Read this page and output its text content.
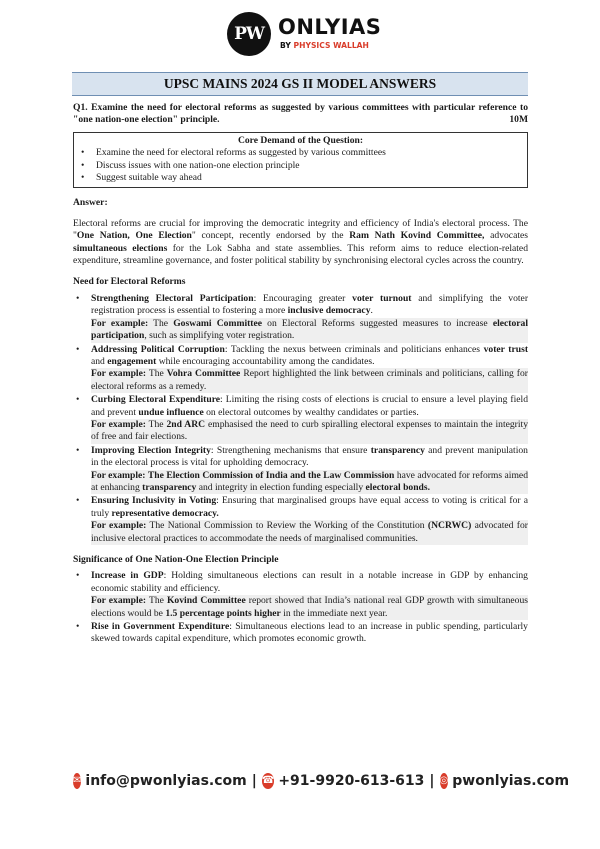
PW ONLYIAS
BY PHYSICS WALLAH
UPSC MAINS 2024 GS II MODEL ANSWERS
Q1. Examine the need for electoral reforms as suggested by various committees with particular reference to "one nation-one election" principle.	10M
Core Demand of the Question:
• Examine the need for electoral reforms as suggested by various committees
• Discuss issues with one nation-one election principle
• Suggest suitable way ahead
Answer:

Electoral reforms are crucial for improving the democratic integrity and efficiency of India's electoral process. The "One Nation, One Election" concept, recently endorsed by the Ram Nath Kovind Committee, advocates simultaneous elections for the Lok Sabha and state assemblies. This reform aims to reduce election-related expenditure, streamline governance, and foster political stability by synchronising electoral cycles across the country.

Need for Electoral Reforms
• Strengthening Electoral Participation: Encouraging greater voter turnout and simplifying the voter registration process is essential to fostering a more inclusive democracy.
For example: The Goswami Committee on Electoral Reforms suggested measures to increase electoral participation, such as simplifying voter registration.
• Addressing Political Corruption: Tackling the nexus between criminals and politicians enhances voter trust and engagement while encouraging accountability among the candidates.
For example: The Vohra Committee Report highlighted the link between criminals and politicians, calling for electoral reforms as a remedy.
• Curbing Electoral Expenditure: Limiting the rising costs of elections is crucial to ensure a level playing field and prevent undue influence on electoral outcomes by wealthy candidates or parties.
For example: The 2nd ARC emphasised the need to curb spiralling electoral expenses to maintain the integrity of free and fair elections.
• Improving Election Integrity: Strengthening mechanisms that ensure transparency and prevent manipulation in the electoral process is vital for upholding democracy.
For example: The Election Commission of India and the Law Commission have advocated for reforms aimed at enhancing transparency and integrity in election funding especially electoral bonds.
• Ensuring Inclusivity in Voting: Ensuring that marginalised groups have equal access to voting is critical for a truly representative democracy.
For example: The National Commission to Review the Working of the Constitution (NCRWC) advocated for inclusive electoral practices to accommodate the needs of marginalised communities.
Significance of One Nation-One Election Principle
• Increase in GDP: Holding simultaneous elections can result in a notable increase in GDP by enhancing economic stability and efficiency.
For example: The Kovind Committee report showed that India’s national real GDP growth with simultaneous elections would be 1.5 percentage points higher in the immediate next year.
• Rise in Government Expenditure: Simultaneous elections lead to an increase in public spending, particularly skewed towards capital expenditure, which promotes economic growth.
✉ info@pwonlyias.com | ☎ +91-9920-613-613 | ◎ pwonlyias.com
